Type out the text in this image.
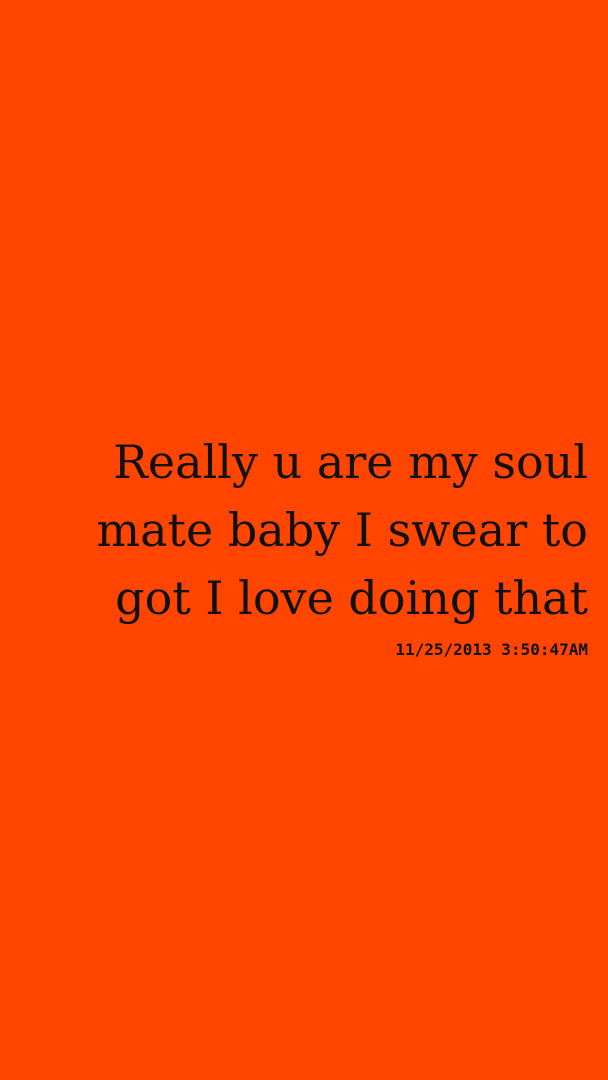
Really u are my soul
mate baby I swear to
got I love doing that

11/25/2013 3:50:47AM
